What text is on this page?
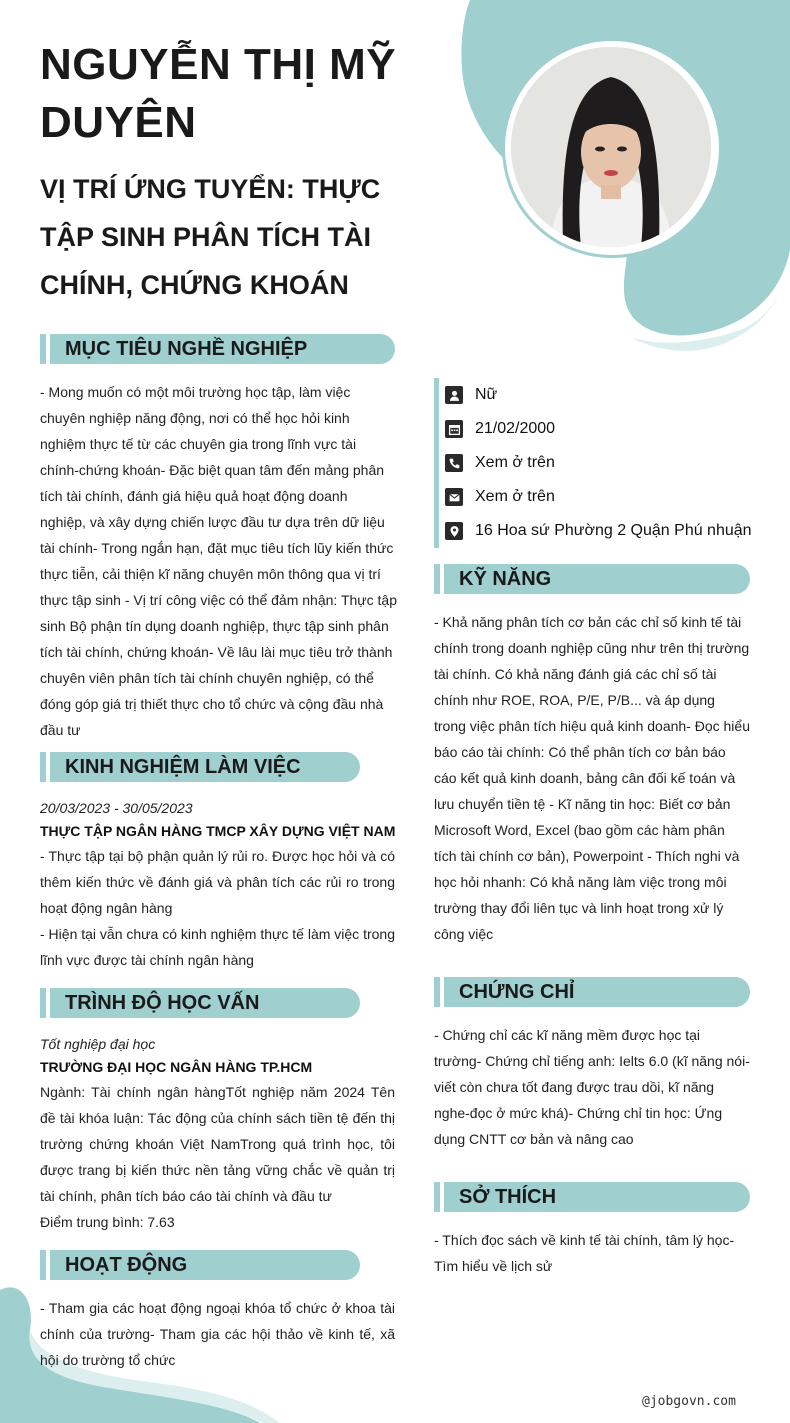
NGUYỄN THỊ MỸ DUYÊN
VỊ TRÍ ỨNG TUYỂN: THỰC TẬP SINH PHÂN TÍCH TÀI CHÍNH, CHỨNG KHOÁN
MỤC TIÊU NGHỀ NGHIỆP

- Mong muốn có một môi trường học tập, làm việc chuyên nghiệp năng động, nơi có thể học hỏi kinh nghiệm thực tế từ các chuyên gia trong lĩnh vực tài chính-chứng khoán- Đặc biệt quan tâm đến mảng phân tích tài chính, đánh giá hiệu quả hoạt động doanh nghiệp, và xây dựng chiến lược đầu tư dựa trên dữ liệu tài chính- Trong ngắn hạn, đặt mục tiêu tích lũy kiến thức thực tiễn, cải thiện kĩ năng chuyên môn thông qua vị trí thực tập sinh - Vị trí công việc có thể đảm nhận: Thực tập sinh Bộ phận tín dụng doanh nghiệp, thực tập sinh phân tích tài chính, chứng khoán- Về lâu lài mục tiêu trở thành chuyên viên phân tích tài chính chuyên nghiệp, có thể đóng góp giá trị thiết thực cho tổ chức và cộng đầu nhà đầu tư

KINH NGHIỆM LÀM VIỆC
20/03/2023 - 30/05/2023
THỰC TẬP NGÂN HÀNG TMCP XÂY DỰNG VIỆT NAM

- Thực tập tại bộ phận quản lý rủi ro. Được học hỏi và có thêm kiến thức về đánh giá và phân tích các rủi ro trong hoạt động ngân hàng

- Hiện tại vẫn chưa có kinh nghiệm thực tế làm việc trong lĩnh vực được tài chính ngân hàng

TRÌNH ĐỘ HỌC VẤN
Tốt nghiệp đại học
TRƯỜNG ĐẠI HỌC NGÂN HÀNG TP.HCM

Ngành: Tài chính ngân hàngTốt nghiệp năm 2024 Tên đề tài khóa luận: Tác động của chính sách tiền tệ đến thị trường chứng khoán Việt NamTrong quá trình học, tôi được trang bị kiến thức nền tảng vững chắc về quản trị tài chính, phân tích báo cáo tài chính và đầu tư

Điểm trung bình: 7.63

HOẠT ĐỘNG

- Tham gia các hoạt động ngoại khóa tổ chức ở khoa tài chính của trường- Tham gia các hội thảo về kinh tế, xã hội do trường tổ chức

Nữ
21/02/2000
Xem ở trên
Xem ở trên
16 Hoa sứ Phường 2 Quận Phú nhuận
KỸ NĂNG

- Khả năng phân tích cơ bản các chỉ số kinh tế tài chính trong doanh nghiệp cũng như trên thị trường tài chính. Có khả năng đánh giá các chỉ số tài chính như ROE, ROA, P/E, P/B... và áp dụng trong việc phân tích hiệu quả kinh doanh- Đọc hiểu báo cáo tài chính: Có thể phân tích cơ bản báo cáo kết quả kinh doanh, bảng cân đối kế toán và lưu chuyển tiền tệ - Kĩ năng tin học: Biết cơ bản Microsoft Word, Excel (bao gồm các hàm phân tích tài chính cơ bản), Powerpoint - Thích nghi và học hỏi nhanh: Có khả năng làm việc trong môi trường thay đổi liên tục và linh hoạt trong xử lý công việc

CHỨNG CHỈ

- Chứng chỉ các kĩ năng mềm được học tại trường- Chứng chỉ tiếng anh: Ielts 6.0 (kĩ năng nói-viết còn chưa tốt đang được trau dồi, kĩ năng nghe-đọc ở mức khá)- Chứng chỉ tin học: Ứng dụng CNTT cơ bản và nâng cao

SỞ THÍCH

- Thích đọc sách về kinh tế tài chính, tâm lý học- Tìm hiểu về lịch sử

@jobgovn.com
